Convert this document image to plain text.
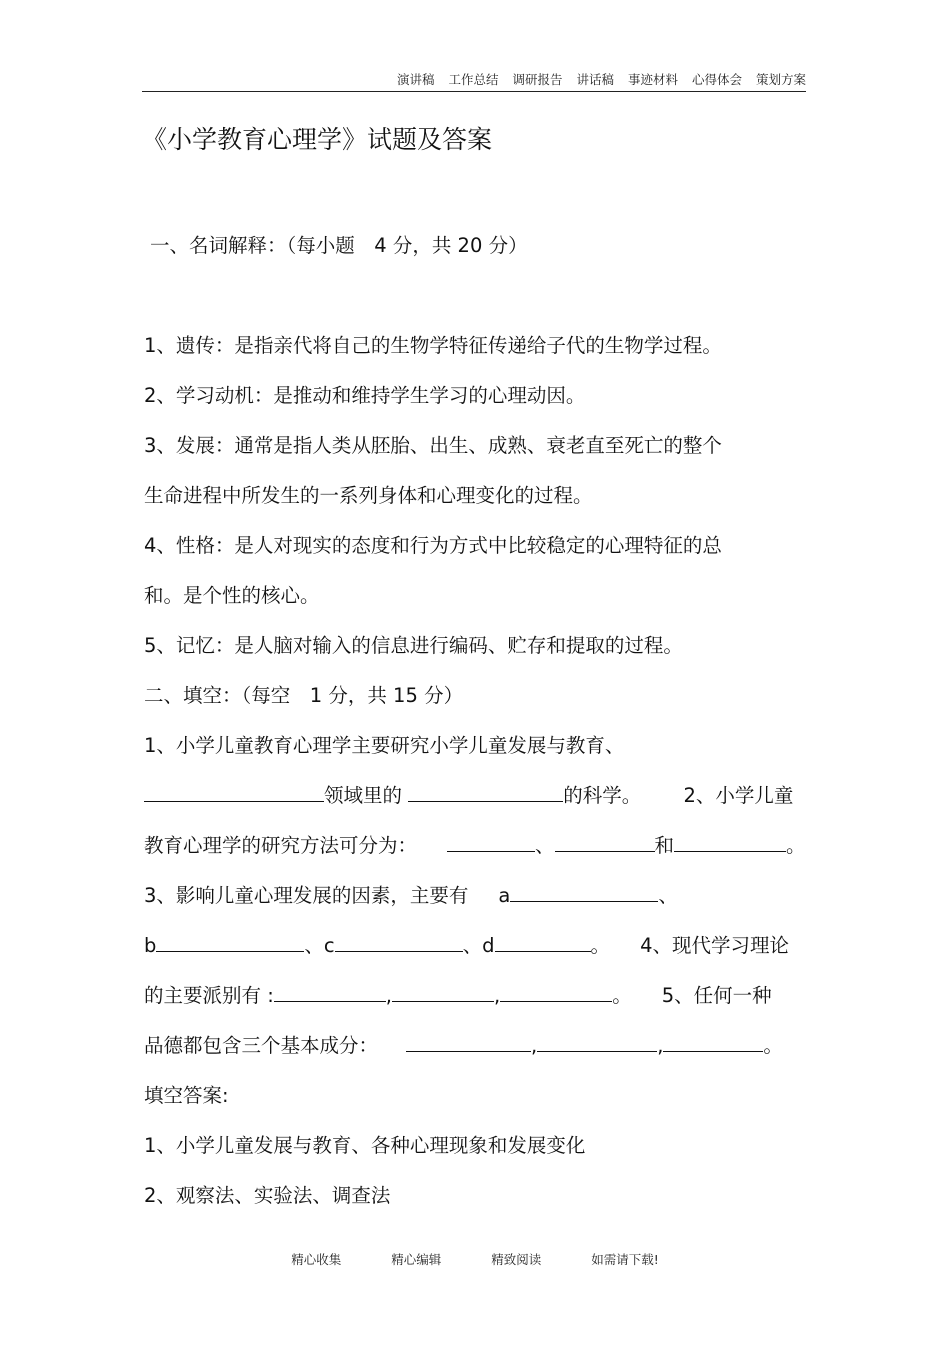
演讲稿 工作总结 调研报告 讲话稿 事迹材料 心得体会 策划方案
《小学教育心理学》试题及答案
一、名词解释：（每小题　4 分，共 20 分）
1、遗传：是指亲代将自己的生物学特征传递给子代的生物学过程。
2、学习动机：是推动和维持学生学习的心理动因。
3、发展：通常是指人类从胚胎、出生、成熟、衰老直至死亡的整个
生命进程中所发生的一系列身体和心理变化的过程。
4、性格：是人对现实的态度和行为方式中比较稳定的心理特征的总
和。是个性的核心。
5、记忆：是人脑对输入的信息进行编码、贮存和提取的过程。
二、填空：（每空　1 分，共 15 分）
1、小学儿童教育心理学主要研究小学儿童发展与教育、
领域里的	的科学。 2、小学儿童
教育心理学的研究方法可分为：	、	和	。
3、影响儿童心理发展的因素，主要有 a	、
b	、c	、d	。 4、现代学习理论
的主要派别有 :	,	,	。 5、任何一种
品德都包含三个基本成分：	,	,	。
填空答案:
1、小学儿童发展与教育、各种心理现象和发展变化
2、观察法、实验法、调查法
精心收集	精心编辑	精致阅读	如需请下载!
